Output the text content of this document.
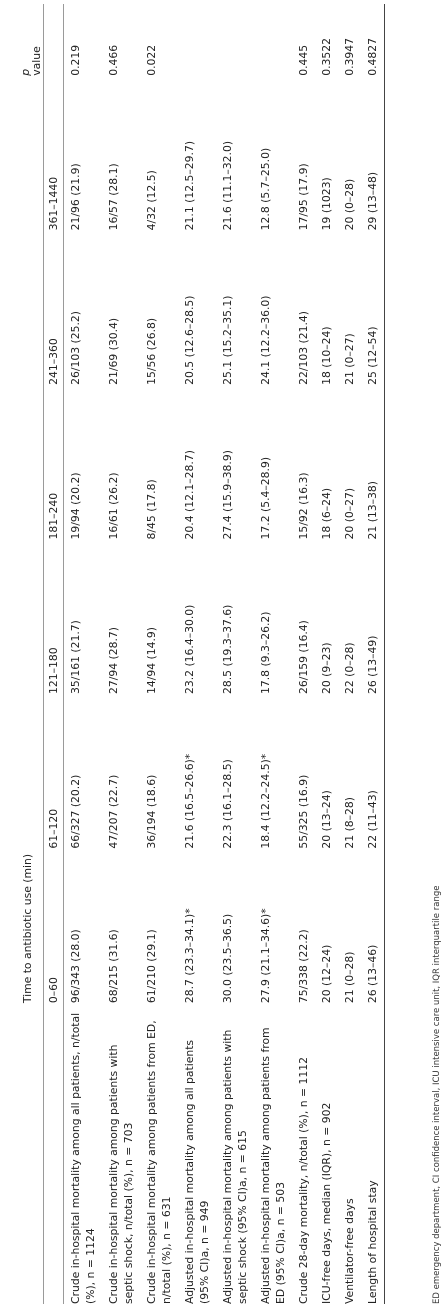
	Time to antibiotic use (min)						p
value
	0–60	61–120	121–180	181–240	241–360	361–1440	
Crude in-hospital mortality among all patients, n/total (%), n = 1124	96/343 (28.0)	66/327 (20.2)	35/161 (21.7)	19/94 (20.2)	26/103 (25.2)	21/96 (21.9)	0.219
Crude in-hospital mortality among patients with septic shock, n/total (%), n = 703	68/215 (31.6)	47/207 (22.7)	27/94 (28.7)	16/61 (26.2)	21/69 (30.4)	16/57 (28.1)	0.466
Crude in-hospital mortality among patients from ED, n/total (%), n = 631	61/210 (29.1)	36/194 (18.6)	14/94 (14.9)	8/45 (17.8)	15/56 (26.8)	4/32 (12.5)	0.022
Adjusted in-hospital mortality among all patients (95% CI)a, n = 949	28.7 (23.3–34.1)*	21.6 (16.5–26.6)*	23.2 (16.4–30.0)	20.4 (12.1–28.7)	20.5 (12.6–28.5)	21.1 (12.5–29.7)	
Adjusted in-hospital mortality among patients with septic shock (95% CI)a, n = 615	30.0 (23.5–36.5)	22.3 (16.1–28.5)	28.5 (19.3–37.6)	27.4 (15.9–38.9)	25.1 (15.2–35.1)	21.6 (11.1–32.0)	
Adjusted in-hospital mortality among patients from ED (95% CI)a, n = 503	27.9 (21.1–34.6)*	18.4 (12.2–24.5)*	17.8 (9.3–26.2)	17.2 (5.4–28.9)	24.1 (12.2–36.0)	12.8 (5.7–25.0)	
Crude 28-day mortality, n/total (%), n = 1112	75/338 (22.2)	55/325 (16.9)	26/159 (16.4)	15/92 (16.3)	22/103 (21.4)	17/95 (17.9)	0.445
ICU-free days, median (IQR), n = 902	20 (12–24)	20 (13–24)	20 (9–23)	18 (6–24)	18 (10–24)	19 (1023)	0.3522
Ventilator-free days	21 (0–28)	21 (8–28)	22 (0–28)	20 (0–27)	21 (0–27)	20 (0–28)	0.3947
Length of hospital stay	26 (13–46)	22 (11–43)	26 (13–49)	21 (13–38)	25 (12–54)	29 (13–48)	0.4827
ED emergency department, CI confidence interval, ICU intensive care unit, IQR interquartile range
